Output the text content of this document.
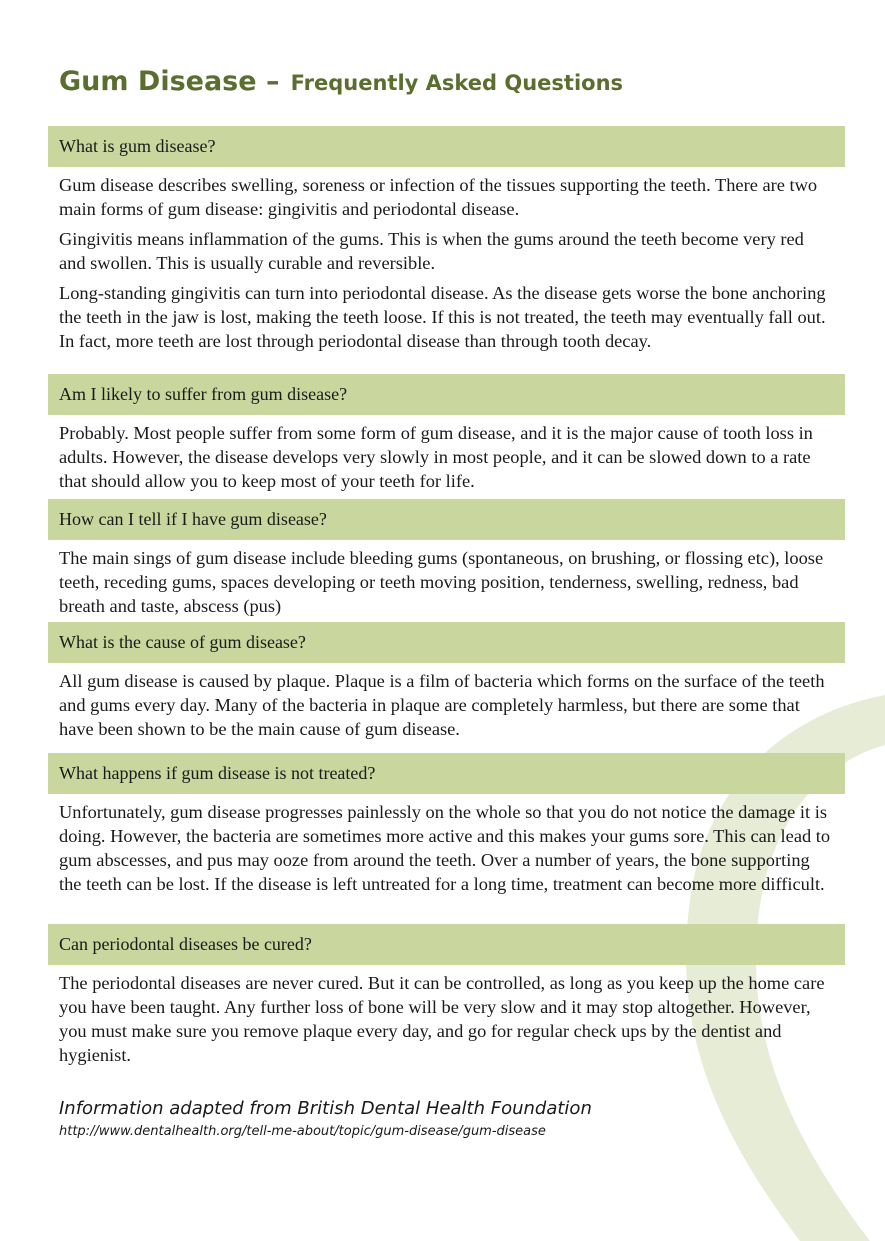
Gum Disease – Frequently Asked Questions
What is gum disease?

Gum disease describes swelling, soreness or infection of the tissues supporting the teeth. There are two main forms of gum disease: gingivitis and periodontal disease.

Gingivitis means inflammation of the gums. This is when the gums around the teeth become very red and swollen. This is usually curable and reversible.

Long-standing gingivitis can turn into periodontal disease. As the disease gets worse the bone anchoring the teeth in the jaw is lost, making the teeth loose. If this is not treated, the teeth may eventually fall out. In fact, more teeth are lost through periodontal disease than through tooth decay.

Am I likely to suffer from gum disease?

Probably. Most people suffer from some form of gum disease, and it is the major cause of tooth loss in adults. However, the disease develops very slowly in most people, and it can be slowed down to a rate that should allow you to keep most of your teeth for life.

How can I tell if I have gum disease?

The main sings of gum disease include bleeding gums (spontaneous, on brushing, or flossing etc), loose teeth, receding gums, spaces developing or teeth moving position, tenderness, swelling, redness, bad breath and taste, abscess (pus)

What is the cause of gum disease?

All gum disease is caused by plaque. Plaque is a film of bacteria which forms on the surface of the teeth and gums every day. Many of the bacteria in plaque are completely harmless, but there are some that have been shown to be the main cause of gum disease.

What happens if gum disease is not treated?

Unfortunately, gum disease progresses painlessly on the whole so that you do not notice the damage it is doing. However, the bacteria are sometimes more active and this makes your gums sore. This can lead to gum abscesses, and pus may ooze from around the teeth. Over a number of years, the bone supporting the teeth can be lost. If the disease is left untreated for a long time, treatment can become more difficult.

Can periodontal diseases be cured?

The periodontal diseases are never cured. But it can be controlled, as long as you keep up the home care you have been taught. Any further loss of bone will be very slow and it may stop altogether. However, you must make sure you remove plaque every day, and go for regular check ups by the dentist and hygienist.

Information adapted from British Dental Health Foundation
http://www.dentalhealth.org/tell-me-about/topic/gum-disease/gum-disease
